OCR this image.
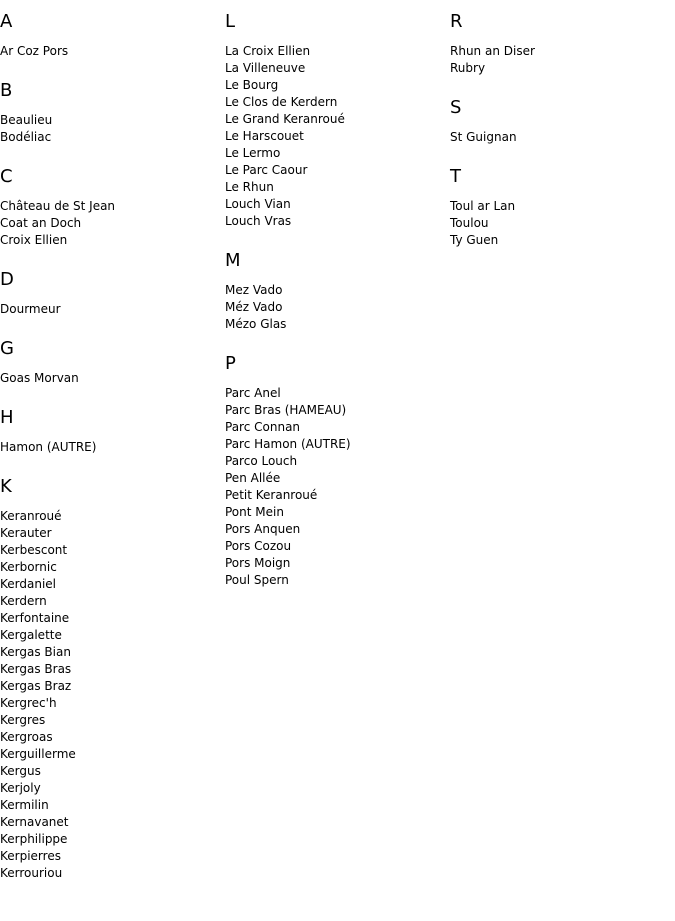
A
Ar Coz Pors
B
Beaulieu
Bodéliac
C
Château de St Jean
Coat an Doch
Croix Ellien
D
Dourmeur
G
Goas Morvan
H
Hamon (AUTRE)
K
Keranroué
Kerauter
Kerbescont
Kerbornic
Kerdaniel
Kerdern
Kerfontaine
Kergalette
Kergas Bian
Kergas Bras
Kergas Braz
Kergrec'h
Kergres
Kergroas
Kerguillerme
Kergus
Kerjoly
Kermilin
Kernavanet
Kerphilippe
Kerpierres
Kerrouriou
L
La Croix Ellien
La Villeneuve
Le Bourg
Le Clos de Kerdern
Le Grand Keranroué
Le Harscouet
Le Lermo
Le Parc Caour
Le Rhun
Louch Vian
Louch Vras
M
Mez Vado
Méz Vado
Mézo Glas
P
Parc Anel
Parc Bras (HAMEAU)
Parc Connan
Parc Hamon (AUTRE)
Parco Louch
Pen Allée
Petit Keranroué
Pont Mein
Pors Anquen
Pors Cozou
Pors Moign
Poul Spern
R
Rhun an Diser
Rubry
S
St Guignan
T
Toul ar Lan
Toulou
Ty Guen
